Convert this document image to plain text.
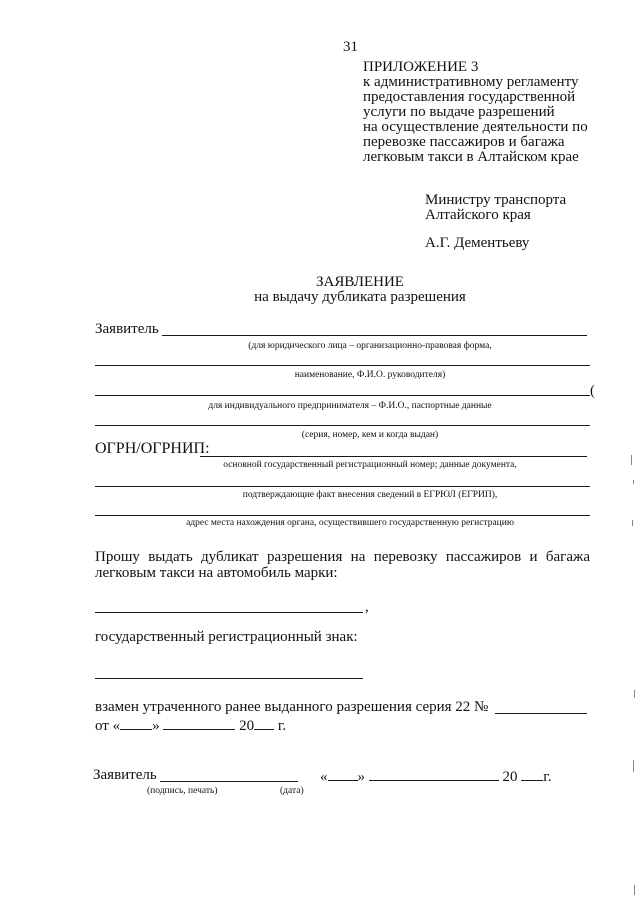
31
ПРИЛОЖЕНИЕ 3
к административному регламенту
предоставления государственной
услуги по выдаче разрешений
на осуществление деятельности по
перевозке пассажиров и багажа
легковым такси в Алтайском крае
Министру транспорта
Алтайского края
А.Г. Дементьеву
ЗАЯВЛЕНИЕ
на выдачу дубликата разрешения
Заявитель
(для юридического лица – организационно-правовая форма,
наименование, Ф.И.О. руководителя)
(
для индивидуального предпринимателя – Ф.И.О., паспортные данные
(серия, номер, кем и когда выдан)
ОГРН/ОГРНИП:
основной государственный регистрационный номер; данные документа,
подтверждающие факт внесения сведений в ЕГРЮЛ (ЕГРИП),
адрес места нахождения органа, осуществившего государственную регистрацию
Прошу выдать дубликат разрешения на перевозку пассажиров и багажа
легковым такси на автомобиль марки:
,
государственный регистрационный знак:
взамен утраченного ранее выданного разрешения серия 22 №
от « »	20 г.
Заявитель	« »	20 г.
(подпись, печать)	(дата)
